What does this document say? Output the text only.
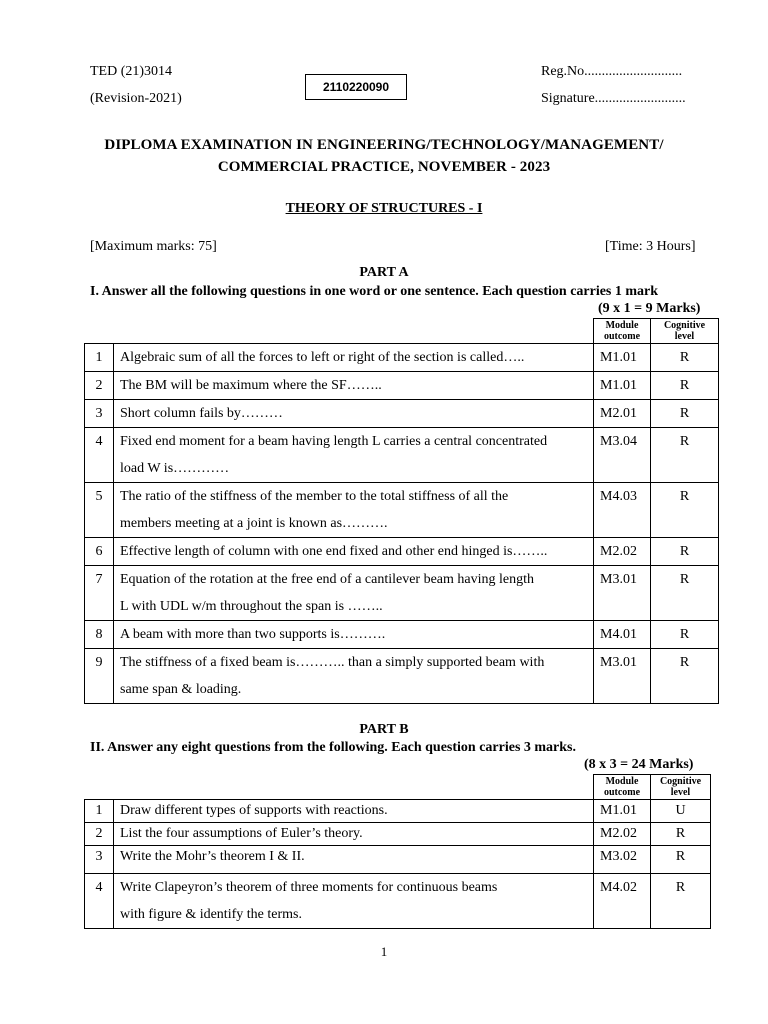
TED (21)3014
(Revision-2021)
2110220090
Reg.No............................
Signature..........................
DIPLOMA EXAMINATION IN ENGINEERING/TECHNOLOGY/MANAGEMENT/
COMMERCIAL PRACTICE, NOVEMBER - 2023
THEORY OF STRUCTURES - I
[Maximum marks: 75]	[Time: 3 Hours]
PART A
I. Answer all the following questions in one word or one sentence. Each question carries 1 mark
(9 x 1 = 9 Marks)
		Module
outcome	Cognitive
level
1	Algebraic sum of all the forces to left or right of the section is called…..	M1.01	R
2	The BM will be maximum where the SF……..	M1.01	R
3	Short column fails by………	M2.01	R
4	Fixed end moment for a beam having length L carries a central concentrated
load W is…………	M3.04	R
5	The ratio of the stiffness of the member to the total stiffness of all the
members meeting at a joint is known as……….	M4.03	R
6	Effective length of column with one end fixed and other end hinged is……..	M2.02	R
7	Equation of the rotation at the free end of a cantilever beam having length
L with UDL w/m throughout the span is ……..	M3.01	R
8	A beam with more than two supports is……….	M4.01	R
9	The stiffness of a fixed beam is……….. than a simply supported beam with
same span & loading.	M3.01	R
PART B
II. Answer any eight questions from the following. Each question carries 3 marks.
(8 x 3 = 24 Marks)
		Module
outcome	Cognitive
level
1	Draw different types of supports with reactions.	M1.01	U
2	List the four assumptions of Euler’s theory.	M2.02	R
3	Write the Mohr’s theorem I & II.	M3.02	R
4	Write Clapeyron’s theorem of three moments for continuous beams
with figure & identify the terms.	M4.02	R
1
